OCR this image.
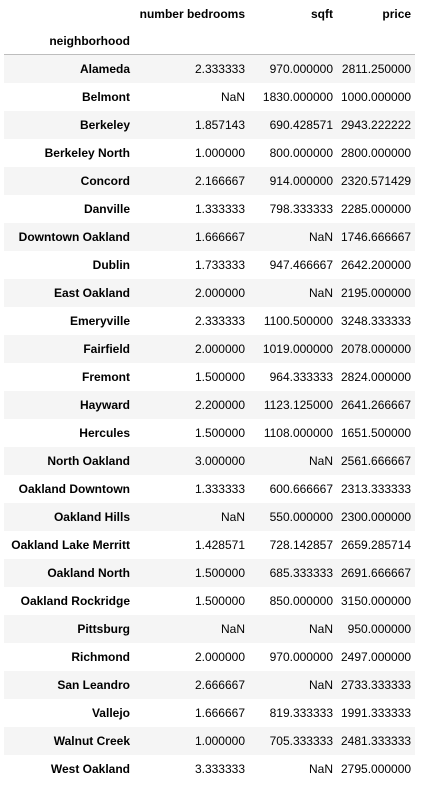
	number bedrooms	sqft	price
neighborhood			
Alameda	2.333333	970.000000	2811.250000
Belmont	NaN	1830.000000	1000.000000
Berkeley	1.857143	690.428571	2943.222222
Berkeley North	1.000000	800.000000	2800.000000
Concord	2.166667	914.000000	2320.571429
Danville	1.333333	798.333333	2285.000000
Downtown Oakland	1.666667	NaN	1746.666667
Dublin	1.733333	947.466667	2642.200000
East Oakland	2.000000	NaN	2195.000000
Emeryville	2.333333	1100.500000	3248.333333
Fairfield	2.000000	1019.000000	2078.000000
Fremont	1.500000	964.333333	2824.000000
Hayward	2.200000	1123.125000	2641.266667
Hercules	1.500000	1108.000000	1651.500000
North Oakland	3.000000	NaN	2561.666667
Oakland Downtown	1.333333	600.666667	2313.333333
Oakland Hills	NaN	550.000000	2300.000000
Oakland Lake Merritt	1.428571	728.142857	2659.285714
Oakland North	1.500000	685.333333	2691.666667
Oakland Rockridge	1.500000	850.000000	3150.000000
Pittsburg	NaN	NaN	950.000000
Richmond	2.000000	970.000000	2497.000000
San Leandro	2.666667	NaN	2733.333333
Vallejo	1.666667	819.333333	1991.333333
Walnut Creek	1.000000	705.333333	2481.333333
West Oakland	3.333333	NaN	2795.000000
